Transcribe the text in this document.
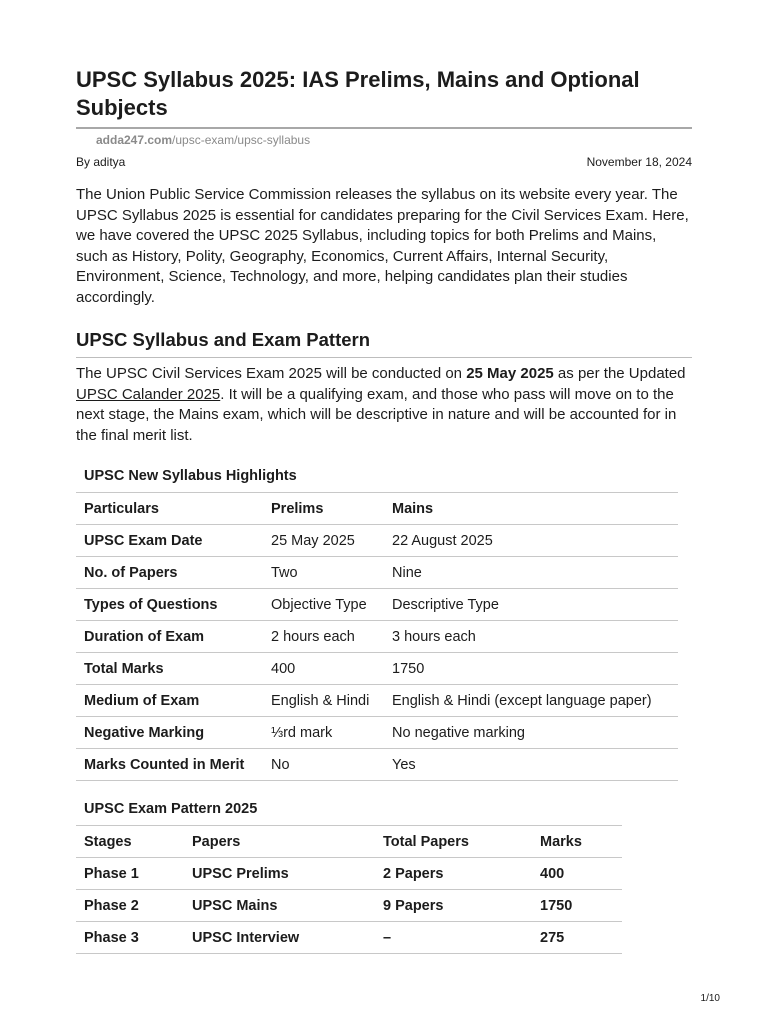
UPSC Syllabus 2025: IAS Prelims, Mains and Optional Subjects
adda247.com/upsc-exam/upsc-syllabus
By aditya	November 18, 2024

The Union Public Service Commission releases the syllabus on its website every year. The UPSC Syllabus 2025 is essential for candidates preparing for the Civil Services Exam. Here, we have covered the UPSC 2025 Syllabus, including topics for both Prelims and Mains, such as History, Polity, Geography, Economics, Current Affairs, Internal Security, Environment, Science, Technology, and more, helping candidates plan their studies accordingly.

UPSC Syllabus and Exam Pattern

The UPSC Civil Services Exam 2025 will be conducted on 25 May 2025 as per the Updated UPSC Calander 2025. It will be a qualifying exam, and those who pass will move on to the next stage, the Mains exam, which will be descriptive in nature and will be accounted for in the final merit list.

UPSC New Syllabus Highlights
Particulars	Prelims	Mains
UPSC Exam Date	25 May 2025	22 August 2025
No. of Papers	Two	Nine
Types of Questions	Objective Type	Descriptive Type
Duration of Exam	2 hours each	3 hours each
Total Marks	400	1750
Medium of Exam	English & Hindi	English & Hindi (except language paper)
Negative Marking	⅓rd mark	No negative marking
Marks Counted in Merit	No	Yes
UPSC Exam Pattern 2025
Stages	Papers	Total Papers	Marks
Phase 1	UPSC Prelims	2 Papers	400
Phase 2	UPSC Mains	9 Papers	1750
Phase 3	UPSC Interview	–	275
1/10
